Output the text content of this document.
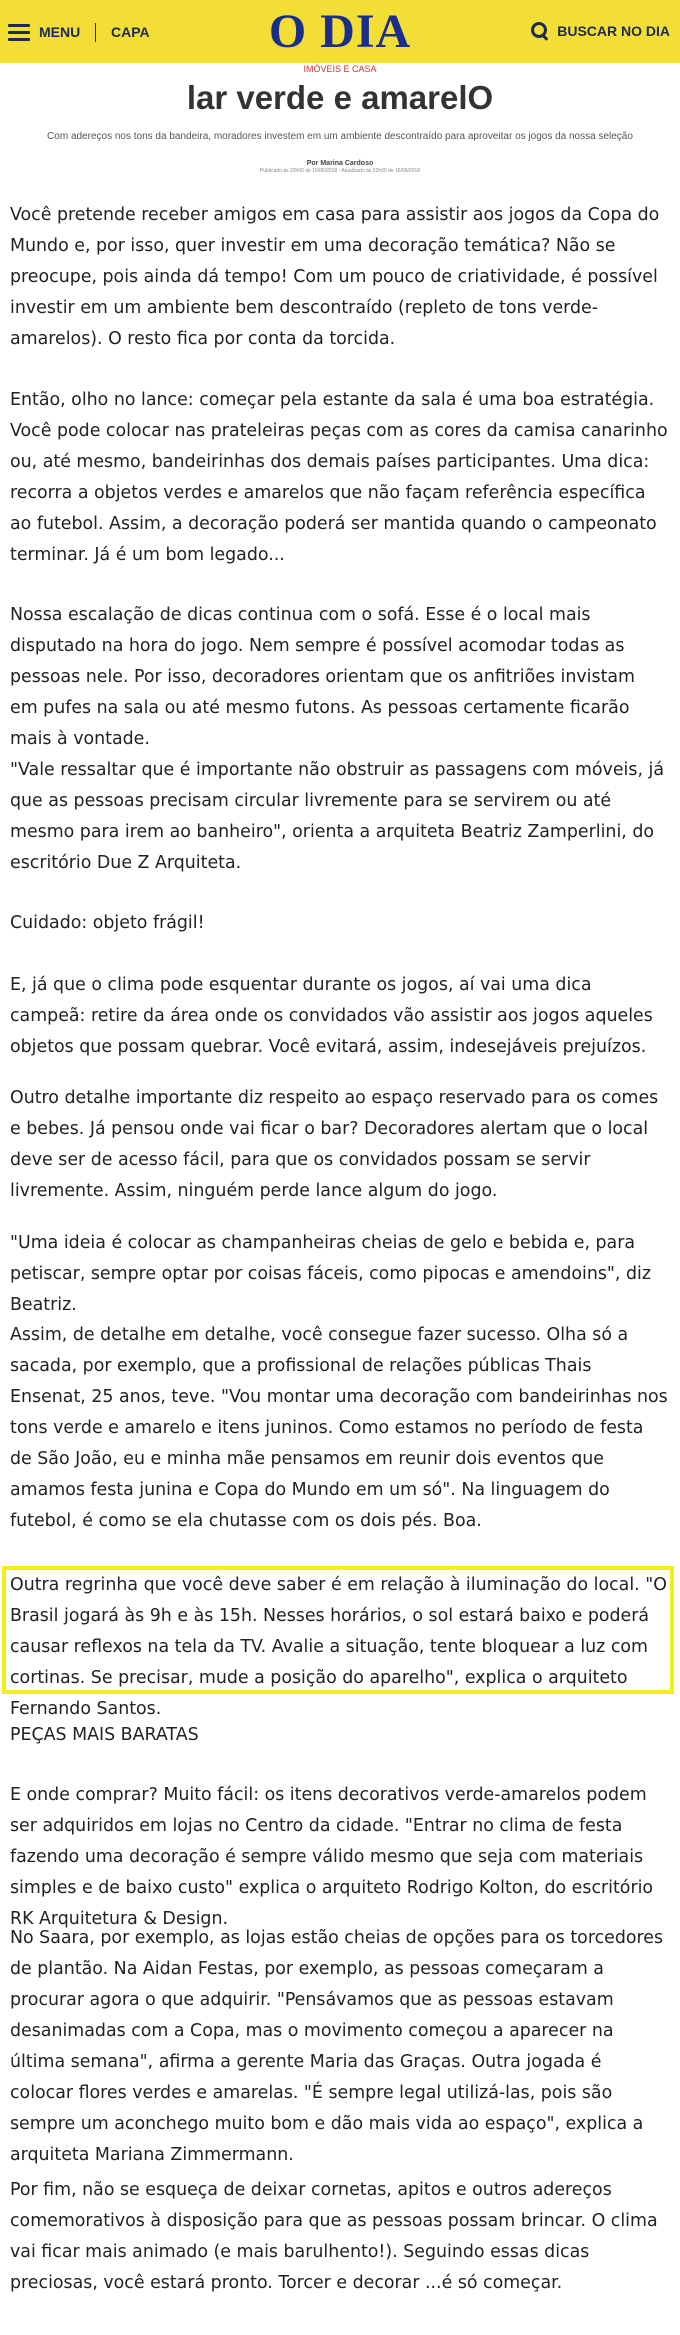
MENU CAPA	O DIA	BUSCAR NO DIA
IMÓVEIS E CASA
lar verde e amarelO
Com adereços nos tons da bandeira, moradores investem em um ambiente descontraído para aproveitar os jogos da nossa seleção
Por Marina Cardoso
Publicado às 23h00 de 16/06/2018 - Atualizado às 22h00 de 16/06/2018

Você pretende receber amigos em casa para assistir aos jogos da Copa do Mundo e, por isso, quer investir em uma decoração temática? Não se preocupe, pois ainda dá tempo! Com um pouco de criatividade, é possível investir em um ambiente bem descontraído (repleto de tons verde-amarelos). O resto fica por conta da torcida.

Então, olho no lance: começar pela estante da sala é uma boa estratégia. Você pode colocar nas prateleiras peças com as cores da camisa canarinho ou, até mesmo, bandeirinhas dos demais países participantes. Uma dica: recorra a objetos verdes e amarelos que não façam referência específica ao futebol. Assim, a decoração poderá ser mantida quando o campeonato terminar. Já é um bom legado...

Nossa escalação de dicas continua com o sofá. Esse é o local mais disputado na hora do jogo. Nem sempre é possível acomodar todas as pessoas nele. Por isso, decoradores orientam que os anfitriões invistam em pufes na sala ou até mesmo futons. As pessoas certamente ficarão mais à vontade.

"Vale ressaltar que é importante não obstruir as passagens com móveis, já que as pessoas precisam circular livremente para se servirem ou até mesmo para irem ao banheiro", orienta a arquiteta Beatriz Zamperlini, do escritório Due Z Arquiteta.

Cuidado: objeto frágil!

E, já que o clima pode esquentar durante os jogos, aí vai uma dica campeã: retire da área onde os convidados vão assistir aos jogos aqueles objetos que possam quebrar. Você evitará, assim, indesejáveis prejuízos.

Outro detalhe importante diz respeito ao espaço reservado para os comes e bebes. Já pensou onde vai ficar o bar? Decoradores alertam que o local deve ser de acesso fácil, para que os convidados possam se servir livremente. Assim, ninguém perde lance algum do jogo.

"Uma ideia é colocar as champanheiras cheias de gelo e bebida e, para petiscar, sempre optar por coisas fáceis, como pipocas e amendoins", diz Beatriz.

Assim, de detalhe em detalhe, você consegue fazer sucesso. Olha só a sacada, por exemplo, que a profissional de relações públicas Thais Ensenat, 25 anos, teve. "Vou montar uma decoração com bandeirinhas nos tons verde e amarelo e itens juninos. Como estamos no período de festa de São João, eu e minha mãe pensamos em reunir dois eventos que amamos festa junina e Copa do Mundo em um só". Na linguagem do futebol, é como se ela chutasse com os dois pés. Boa.

Outra regrinha que você deve saber é em relação à iluminação do local. "O Brasil jogará às 9h e às 15h. Nesses horários, o sol estará baixo e poderá causar reflexos na tela da TV. Avalie a situação, tente bloquear a luz com cortinas. Se precisar, mude a posição do aparelho", explica o arquiteto Fernando Santos.

PEÇAS MAIS BARATAS

E onde comprar? Muito fácil: os itens decorativos verde-amarelos podem ser adquiridos em lojas no Centro da cidade. "Entrar no clima de festa fazendo uma decoração é sempre válido mesmo que seja com materiais simples e de baixo custo" explica o arquiteto Rodrigo Kolton, do escritório RK Arquitetura & Design.

No Saara, por exemplo, as lojas estão cheias de opções para os torcedores de plantão. Na Aidan Festas, por exemplo, as pessoas começaram a procurar agora o que adquirir. "Pensávamos que as pessoas estavam desanimadas com a Copa, mas o movimento começou a aparecer na última semana", afirma a gerente Maria das Graças. Outra jogada é colocar flores verdes e amarelas. "É sempre legal utilizá-las, pois são sempre um aconchego muito bom e dão mais vida ao espaço", explica a arquiteta Mariana Zimmermann.

Por fim, não se esqueça de deixar cornetas, apitos e outros adereços comemorativos à disposição para que as pessoas possam brincar. O clima vai ficar mais animado (e mais barulhento!). Seguindo essas dicas preciosas, você estará pronto. Torcer e decorar ...é só começar.
